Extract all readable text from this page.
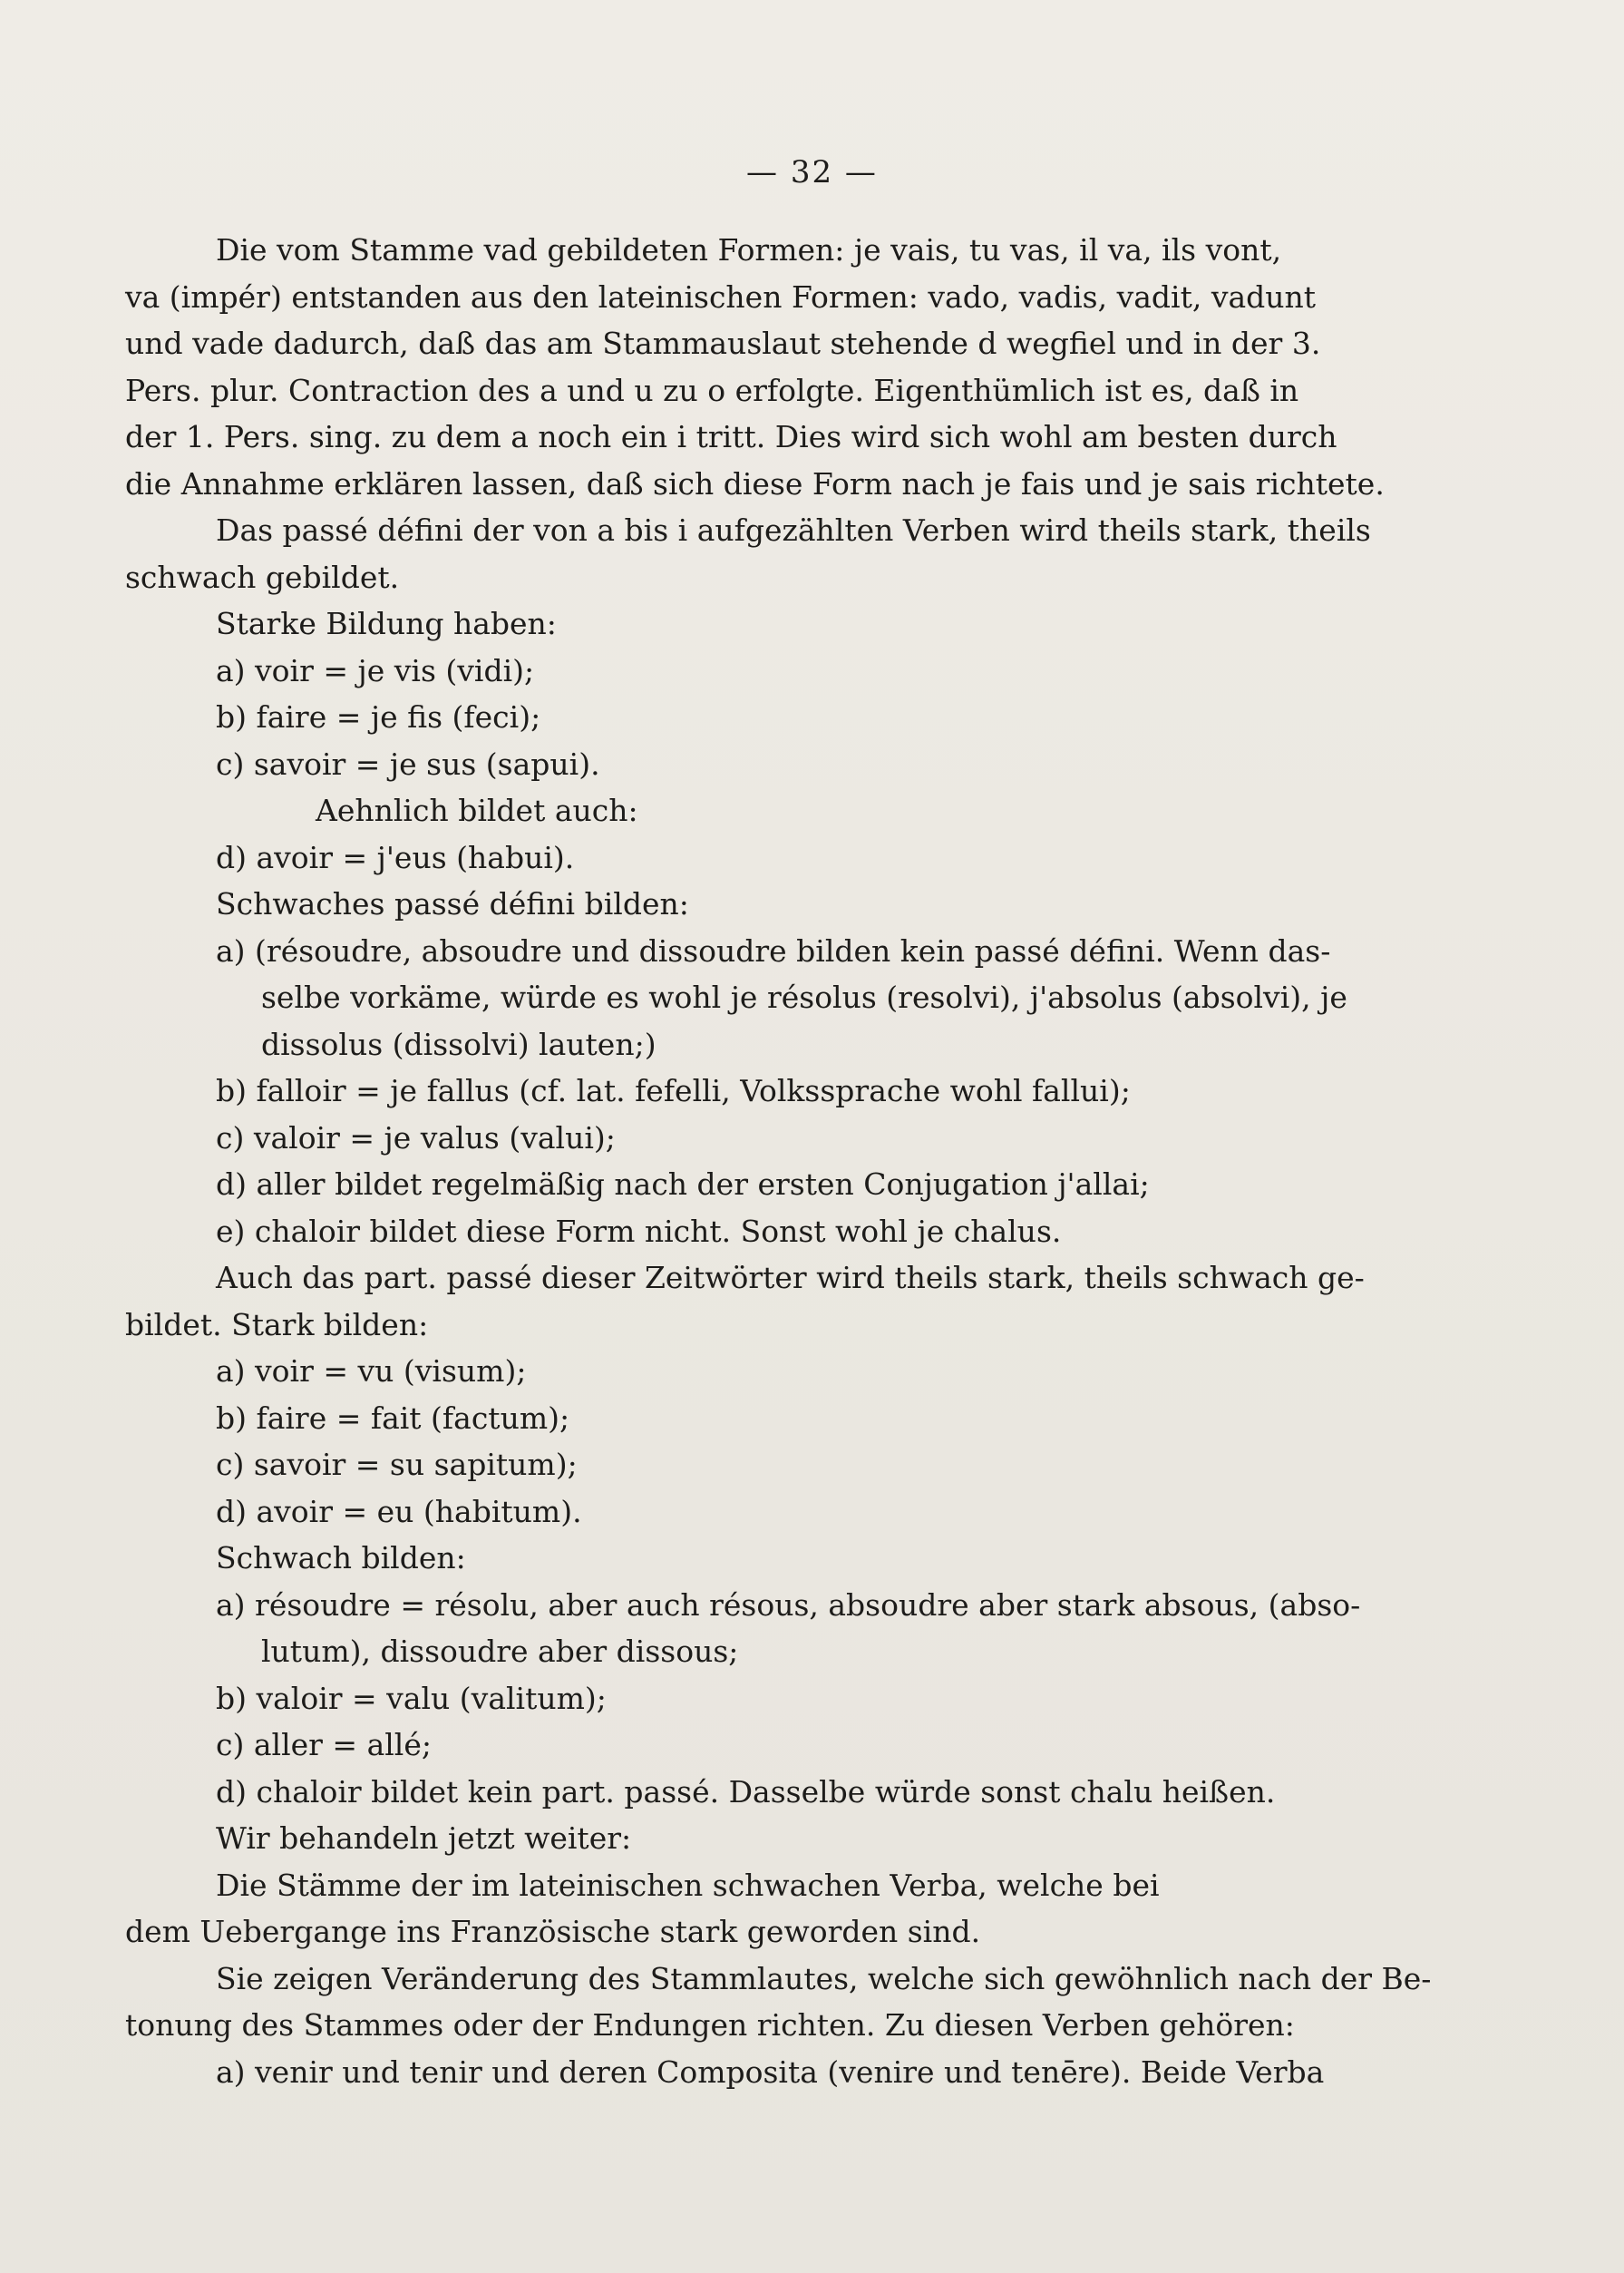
— 32 —
Die vom Stamme vad gebildeten Formen: je vais, tu vas, il va, ils vont,
va (impér) entstanden aus den lateinischen Formen: vado, vadis, vadit, vadunt
und vade dadurch, daß das am Stammauslaut stehende d wegfiel und in der 3.
Pers. plur. Contraction des a und u zu o erfolgte. Eigenthümlich ist es, daß in
der 1. Pers. sing. zu dem a noch ein i tritt. Dies wird sich wohl am besten durch
die Annahme erklären lassen, daß sich diese Form nach je fais und je sais richtete.
Das passé défini der von a bis i aufgezählten Verben wird theils stark, theils
schwach gebildet.
Starke Bildung haben:
a) voir = je vis (vidi);
b) faire = je fis (feci);
c) savoir = je sus (sapui).
Aehnlich bildet auch:
d) avoir = j'eus (habui).
Schwaches passé défini bilden:
a) (résoudre, absoudre und dissoudre bilden kein passé défini. Wenn das-
selbe vorkäme, würde es wohl je résolus (resolvi), j'absolus (absolvi), je
dissolus (dissolvi) lauten;)
b) falloir = je fallus (cf. lat. fefelli, Volkssprache wohl fallui);
c) valoir = je valus (valui);
d) aller bildet regelmäßig nach der ersten Conjugation j'allai;
e) chaloir bildet diese Form nicht. Sonst wohl je chalus.
Auch das part. passé dieser Zeitwörter wird theils stark, theils schwach ge-
bildet. Stark bilden:
a) voir = vu (visum);
b) faire = fait (factum);
c) savoir = su sapitum);
d) avoir = eu (habitum).
Schwach bilden:
a) résoudre = résolu, aber auch résous, absoudre aber stark absous, (abso-
lutum), dissoudre aber dissous;
b) valoir = valu (valitum);
c) aller = allé;
d) chaloir bildet kein part. passé. Dasselbe würde sonst chalu heißen.
Wir behandeln jetzt weiter:
Die Stämme der im lateinischen schwachen Verba, welche bei
dem Uebergange ins Französische stark geworden sind.
Sie zeigen Veränderung des Stammlautes, welche sich gewöhnlich nach der Be-
tonung des Stammes oder der Endungen richten. Zu diesen Verben gehören:
a) venir und tenir und deren Composita (venire und tenēre). Beide Verba
